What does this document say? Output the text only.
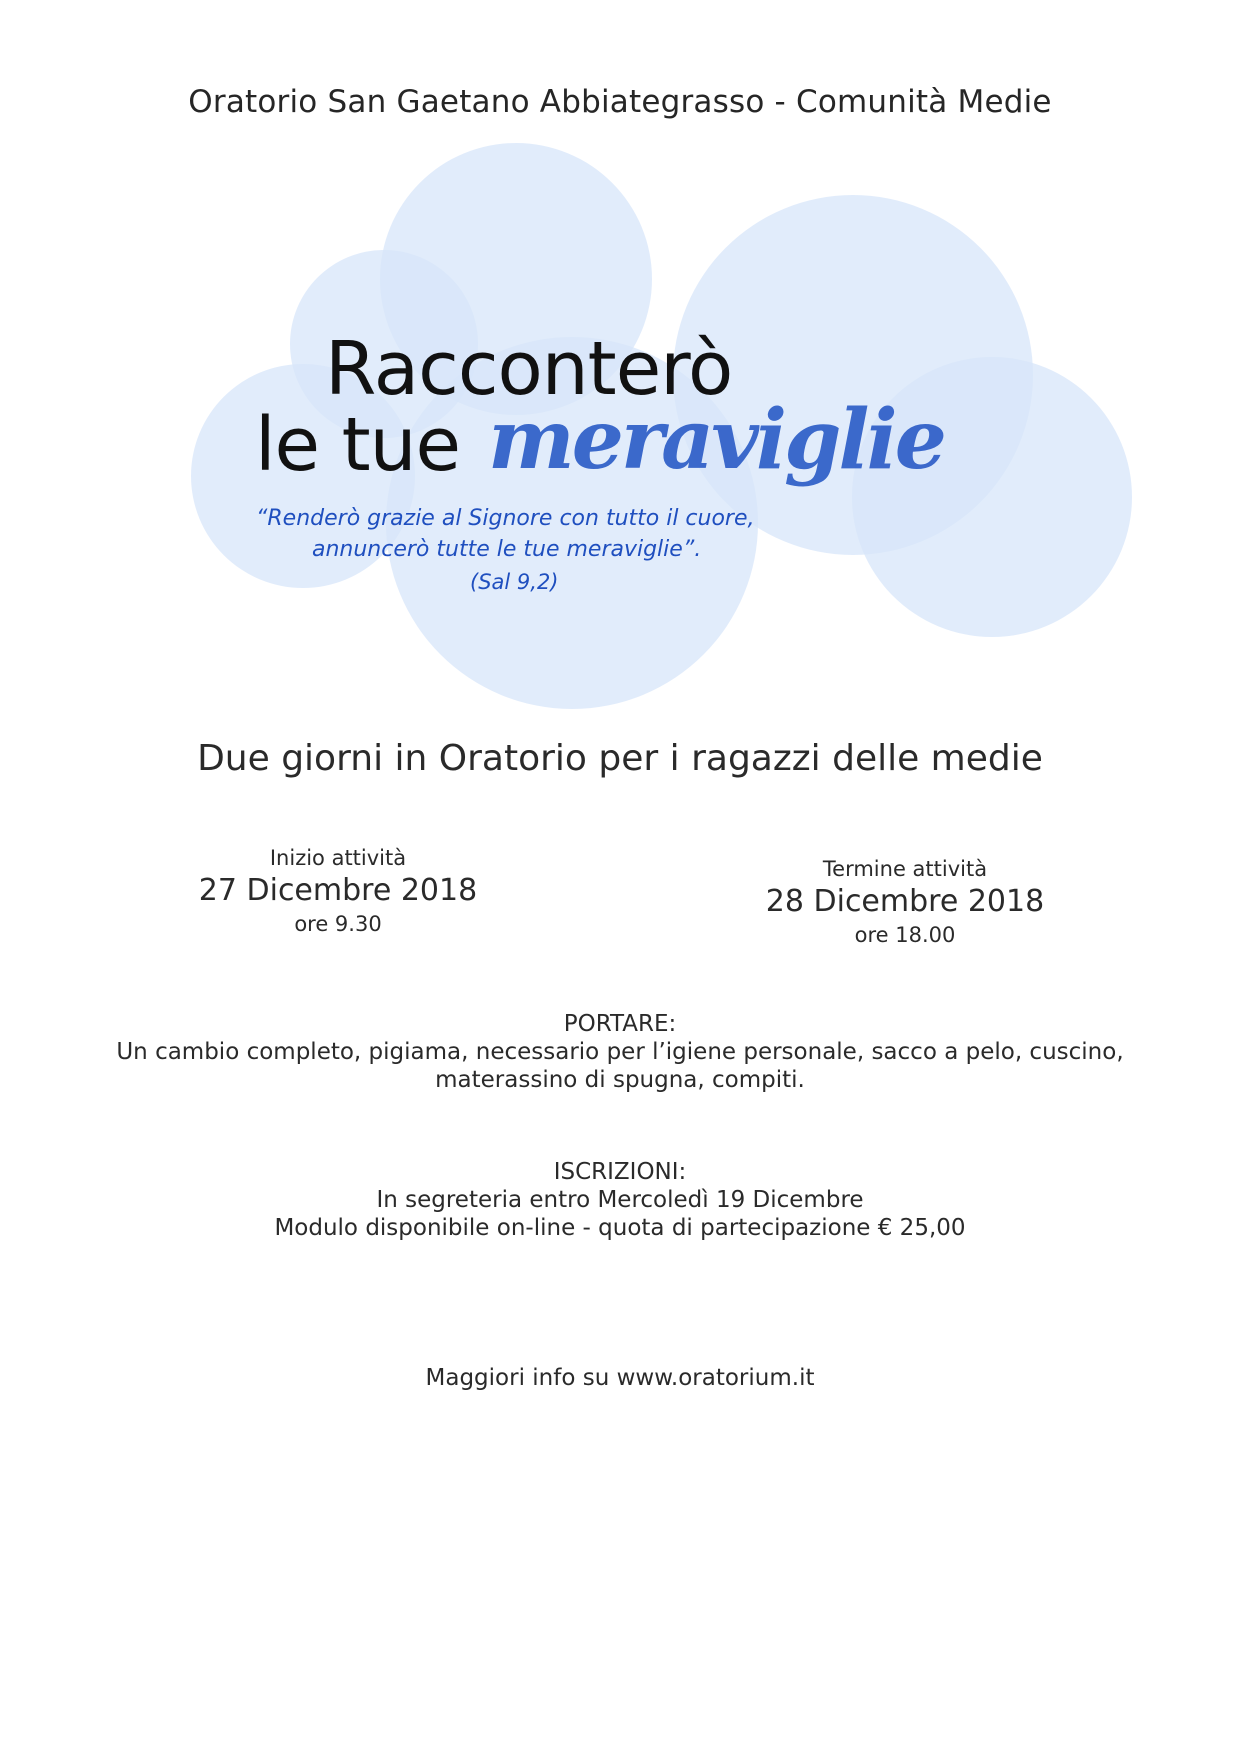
Oratorio San Gaetano Abbiategrasso - Comunità Medie
Racconterò
le tue meraviglie
“Renderò grazie al Signore con tutto il cuore,
annuncerò tutte le tue meraviglie”.
(Sal 9,2)
Due giorni in Oratorio per i ragazzi delle medie
Inizio attività
27 Dicembre 2018
ore 9.30
Termine attività
28 Dicembre 2018
ore 18.00
PORTARE:
Un cambio completo, pigiama, necessario per l’igiene personale, sacco a pelo, cuscino,
materassino di spugna, compiti.
ISCRIZIONI:
In segreteria entro Mercoledì 19 Dicembre
Modulo disponibile on-line - quota di partecipazione € 25,00
Maggiori info su www.oratorium.it
